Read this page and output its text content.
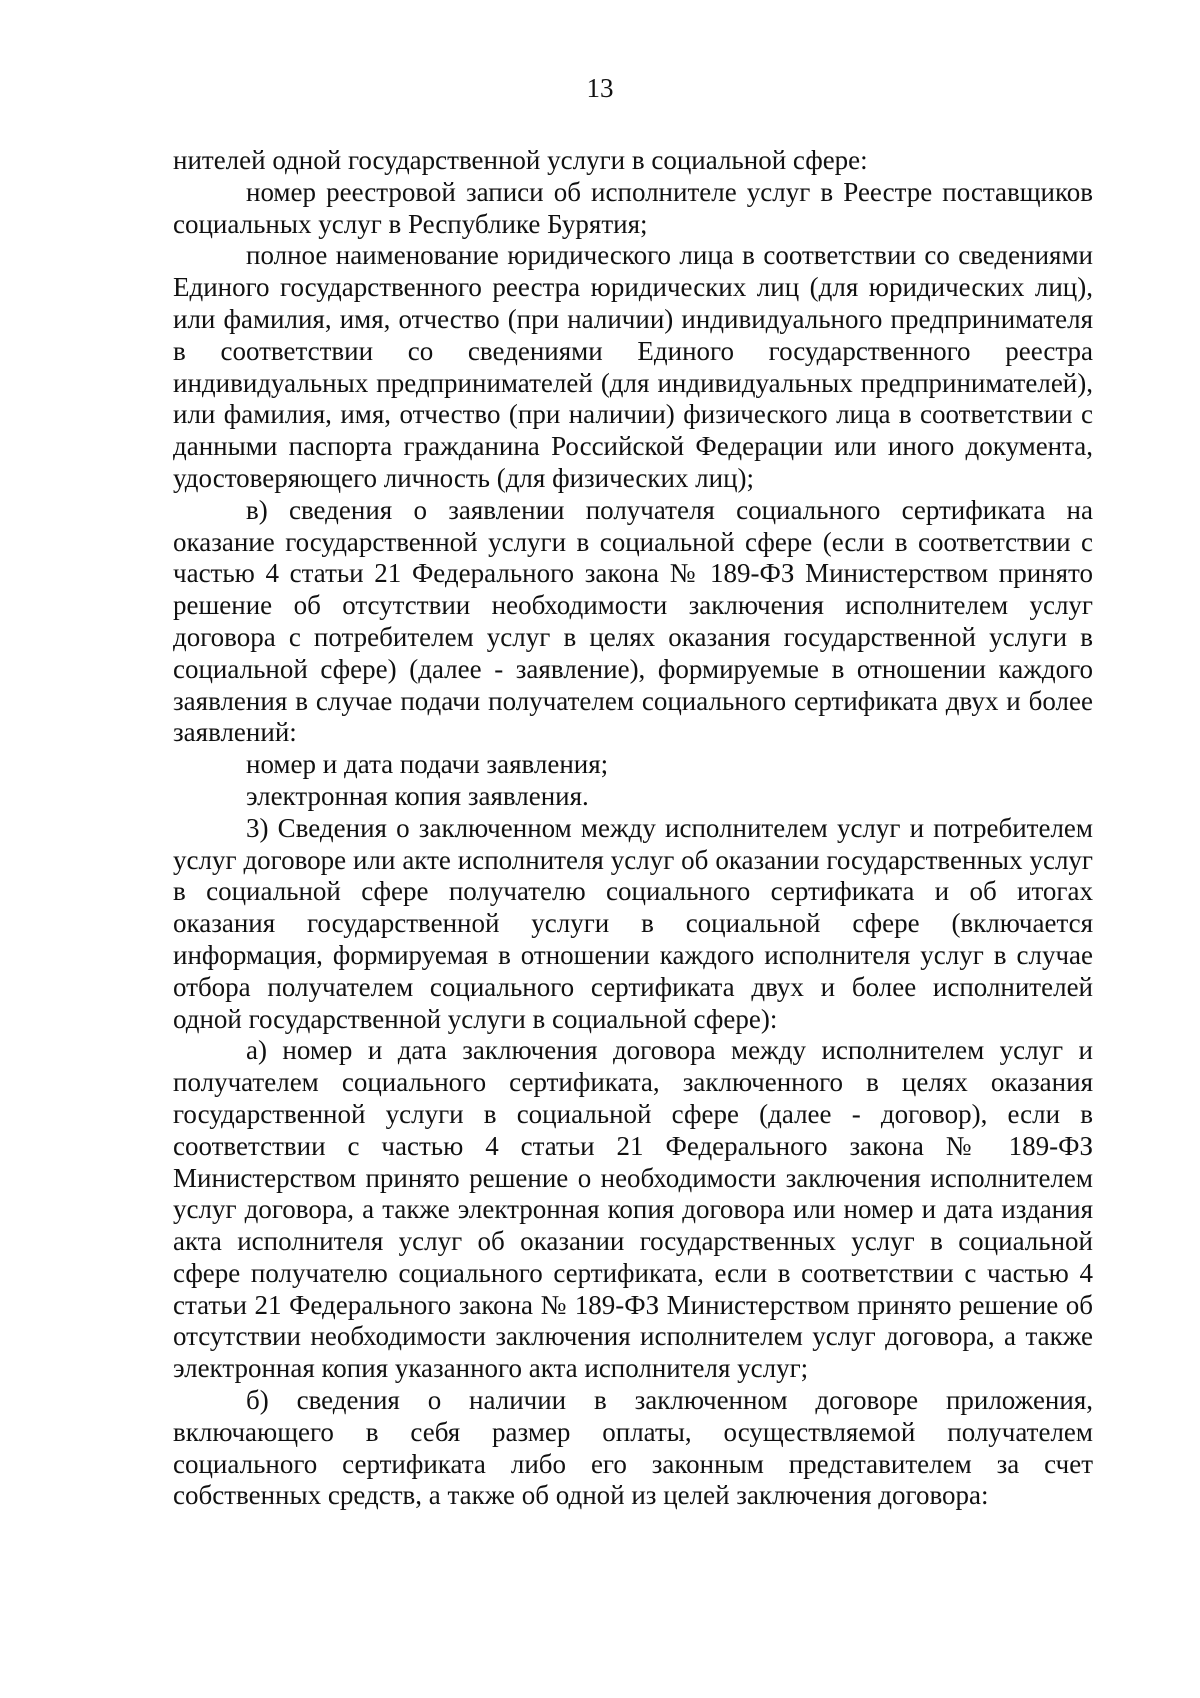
13

нителей одной государственной услуги в социальной сфере:

номер реестровой записи об исполнителе услуг в Реестре поставщиков социальных услуг в Республике Бурятия;

полное наименование юридического лица в соответствии со сведениями Единого государственного реестра юридических лиц (для юридических лиц), или фамилия, имя, отчество (при наличии) индивидуального предпринимателя в соответствии со сведениями Единого государственного реестра индивидуальных предпринимателей (для индивидуальных предпринимателей), или фамилия, имя, отчество (при наличии) физического лица в соответствии с данными паспорта гражданина Российской Федерации или иного документа, удостоверяющего личность (для физических лиц);

в) сведения о заявлении получателя социального сертификата на оказание государственной услуги в социальной сфере (если в соответствии с частью 4 статьи 21 Федерального закона № 189-ФЗ Министерством принято решение об отсутствии необходимости заключения исполнителем услуг договора с потребителем услуг в целях оказания государственной услуги в социальной сфере) (далее - заявление), формируемые в отношении каждого заявления в случае подачи получателем социального сертификата двух и более заявлений:

номер и дата подачи заявления;

электронная копия заявления.

3) Сведения о заключенном между исполнителем услуг и потребителем услуг договоре или акте исполнителя услуг об оказании государственных услуг в социальной сфере получателю социального сертификата и об итогах оказания государственной услуги в социальной сфере (включается информация, формируемая в отношении каждого исполнителя услуг в случае отбора получателем социального сертификата двух и более исполнителей одной государственной услуги в социальной сфере):

а) номер и дата заключения договора между исполнителем услуг и получателем социального сертификата, заключенного в целях оказания государственной услуги в социальной сфере (далее - договор), если в соответствии с частью 4 статьи 21 Федерального закона № 189-ФЗ Министерством принято решение о необходимости заключения исполнителем услуг договора, а также электронная копия договора или номер и дата издания акта исполнителя услуг об оказании государственных услуг в социальной сфере получателю социального сертификата, если в соответствии с частью 4 статьи 21 Федерального закона № 189-ФЗ Министерством принято решение об отсутствии необходимости заключения исполнителем услуг договора, а также электронная копия указанного акта исполнителя услуг;

б) сведения о наличии в заключенном договоре приложения, включающего в себя размер оплаты, осуществляемой получателем социального сертификата либо его законным представителем за счет собственных средств, а также об одной из целей заключения договора:
